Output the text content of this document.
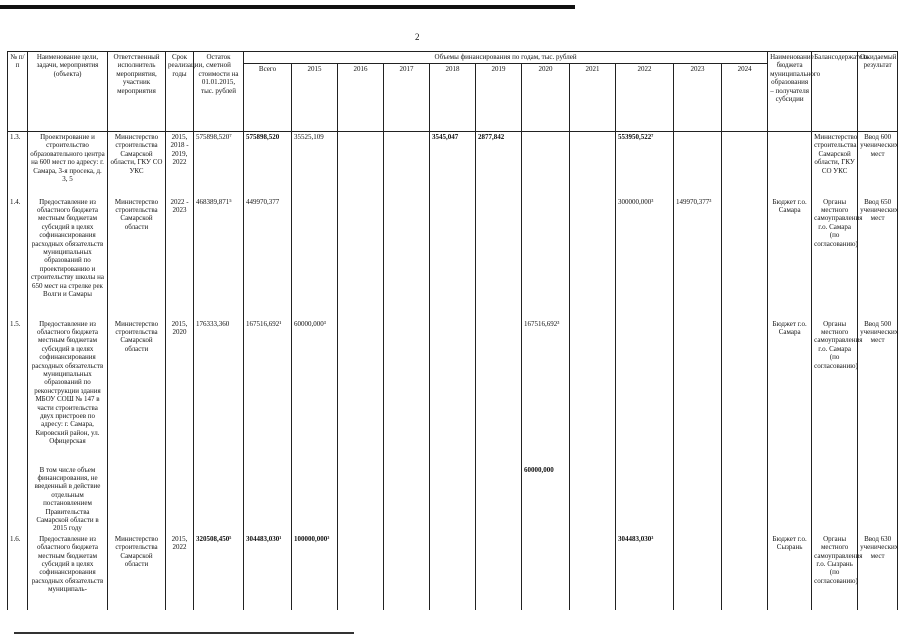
2
№ п/п	Наименование цели, задачи, мероприятия (объекта)	Ответственный исполнитель мероприятия, участник мероприятия	Срок реализации, годы	Остаток сметной стоимости на 01.01.2015, тыс. рублей	Объемы финансирования по годам, тыс. рублей											Наименование бюджета муниципального образования – получателя субсидии	Балансодержатель	Ожидаемый результат
					Всего	2015	2016	2017	2018	2019	2020	2021	2022	2023	2024			
1.3.	Проектирование и строительство образовательного центра на 600 мест по адресу: г. Самара, 3-я просека, д. 3, 5	Министерство строительства Самарской области, ГКУ СО УКС	2015, 2018 - 2019, 2022	575898,520⁷	575898,520	35525,109			3545,047	2877,842			553950,522⁷				Министерство строительства Самарской области, ГКУ СО УКС	Ввод 600 ученических мест
1.4.	Предоставление из областного бюджета местным бюджетам субсидий в целях софинансирования расходных обязательств муниципальных образований по проектированию и строительству школы на 650 мест на стрелке рек Волги и Самары	Министерство строительства Самарской области	2022 - 2023	468389,871⁵	449970,377								300000,000³	149970,377³		Бюджет г.о. Самара	Органы местного самоуправления г.о. Самара (по согласованию)	Ввод 650 ученических мест
1.5.	Предоставление из областного бюджета местным бюджетам субсидий в целях софинансирования расходных обязательств муниципальных образований по реконструкции здания МБОУ СОШ № 147 в части строительства двух пристроев по адресу: г. Самара, Кировский район, ул. Офицерская	Министерство строительства Самарской области	2015, 2020	176333,360	167516,692¹	60000,000³					167516,692³					Бюджет г.о. Самара	Органы местного самоуправления г.о. Самара (по согласованию)	Ввод 500 ученических мест
	В том числе объем финансирования, не введенный в действие отдельным постановлением Правительства Самарской области в 2015 году										60000,000							
1.6.	Предоставление из областного бюджета местным бюджетам субсидий в целях софинансирования расходных обязательств муниципаль-	Министерство строительства Самарской области	2015, 2022	320508,450⁵	304483,030¹	100000,000³							304483,030³			Бюджет г.о. Сызрань	Органы местного самоуправления г.о. Сызрань (по согласованию)	Ввод 630 ученических мест
